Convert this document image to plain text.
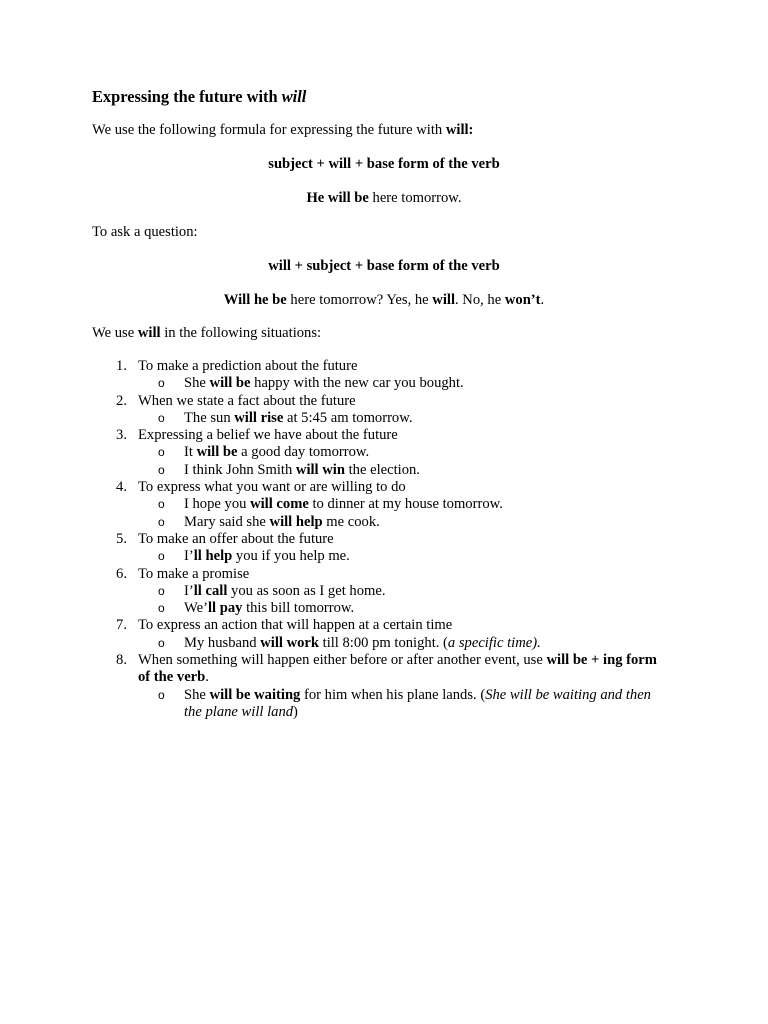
Expressing the future with will
We use the following formula for expressing the future with will:
subject + will + base form of the verb
He will be here tomorrow.
To ask a question:
will + subject + base form of the verb
Will he be here tomorrow? Yes, he will. No, he won’t.
We use will in the following situations:
1. To make a prediction about the future
o She will be happy with the new car you bought.
2. When we state a fact about the future
o The sun will rise at 5:45 am tomorrow.
3. Expressing a belief we have about the future
o It will be a good day tomorrow.
o I think John Smith will win the election.
4. To express what you want or are willing to do
o I hope you will come to dinner at my house tomorrow.
o Mary said she will help me cook.
5. To make an offer about the future
o I’ll help you if you help me.
6. To make a promise
o I’ll call you as soon as I get home.
o We’ll pay this bill tomorrow.
7. To express an action that will happen at a certain time
o My husband will work till 8:00 pm tonight. (a specific time).
8. When something will happen either before or after another event, use will be + ing form of the verb.
o She will be waiting for him when his plane lands. (She will be waiting and then the plane will land)
